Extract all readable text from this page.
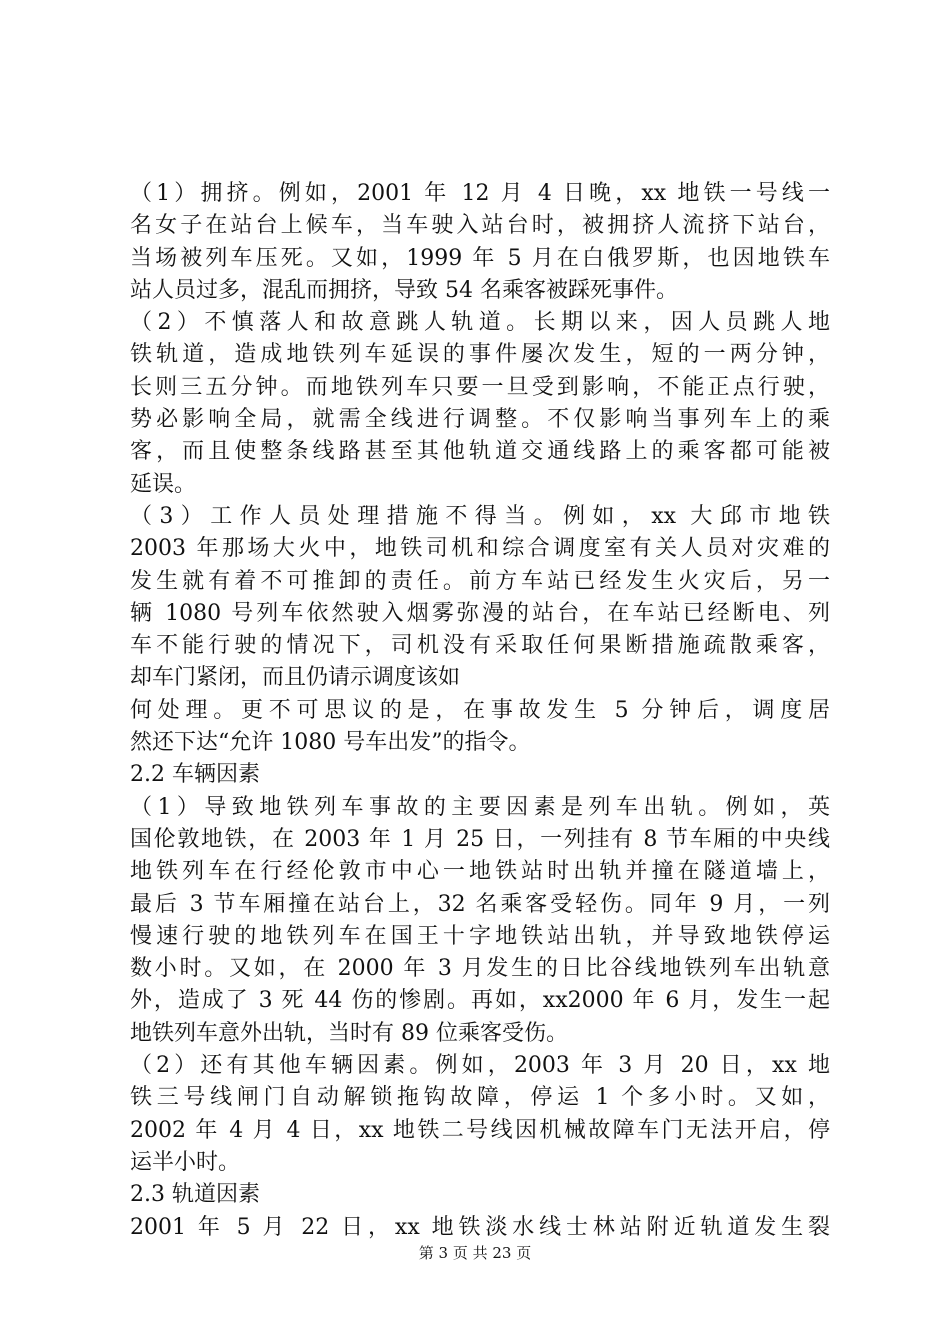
（1）拥挤。例如，2001 年 12 月 4 日晚，xx 地铁一号线一
名女子在站台上候车，当车驶入站台时，被拥挤人流挤下站台，
当场被列车压死。又如，1999 年 5 月在白俄罗斯，也因地铁车
站人员过多，混乱而拥挤，导致 54 名乘客被踩死事件。
（2）不慎落人和故意跳人轨道。长期以来，因人员跳人地
铁轨道，造成地铁列车延误的事件屡次发生，短的一两分钟，
长则三五分钟。而地铁列车只要一旦受到影响，不能正点行驶，
势必影响全局，就需全线进行调整。不仅影响当事列车上的乘
客，而且使整条线路甚至其他轨道交通线路上的乘客都可能被
延误。
（3）工作人员处理措施不得当。例如，xx 大邱市地铁
2003 年那场大火中，地铁司机和综合调度室有关人员对灾难的
发生就有着不可推卸的责任。前方车站已经发生火灾后，另一
辆 1080 号列车依然驶入烟雾弥漫的站台，在车站已经断电、列
车不能行驶的情况下，司机没有采取任何果断措施疏散乘客，
却车门紧闭，而且仍请示调度该如
何处理。更不可思议的是，在事故发生 5 分钟后，调度居
然还下达“允许 1080 号车出发”的指令。
2.2 车辆因素
（1）导致地铁列车事故的主要因素是列车出轨。例如，英
国伦敦地铁，在 2003 年 1 月 25 日，一列挂有 8 节车厢的中央线
地铁列车在行经伦敦市中心一地铁站时出轨并撞在隧道墙上，
最后 3 节车厢撞在站台上，32 名乘客受轻伤。同年 9 月，一列
慢速行驶的地铁列车在国王十字地铁站出轨，并导致地铁停运
数小时。又如，在 2000 年 3 月发生的日比谷线地铁列车出轨意
外，造成了 3 死 44 伤的惨剧。再如，xx2000 年 6 月，发生一起
地铁列车意外出轨，当时有 89 位乘客受伤。
（2）还有其他车辆因素。例如，2003 年 3 月 20 日，xx 地
铁三号线闸门自动解锁拖钩故障，停运 1 个多小时。又如，
2002 年 4 月 4 日，xx 地铁二号线因机械故障车门无法开启，停
运半小时。
2.3 轨道因素
2001 年 5 月 22 日，xx 地铁淡水线士林站附近轨道发生裂
第 3 页 共 23 页
